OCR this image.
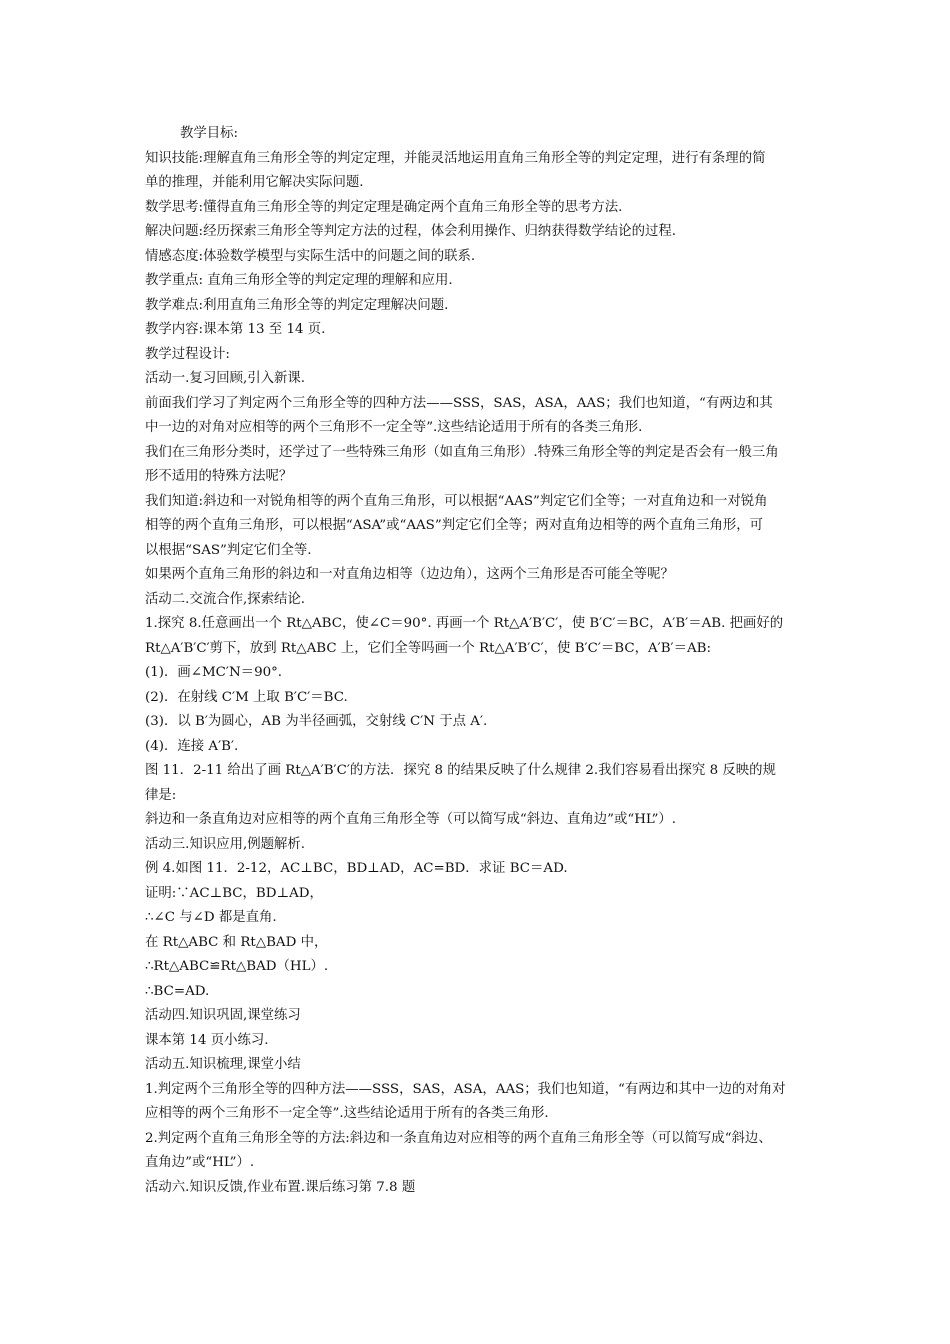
教学目标:
知识技能:理解直角三角形全等的判定定理，并能灵活地运用直角三角形全等的判定定理，进行有条理的简
单的推理，并能利用它解决实际问题.
数学思考:懂得直角三角形全等的判定定理是确定两个直角三角形全等的思考方法.
解决问题:经历探索三角形全等判定方法的过程，体会利用操作、归纳获得数学结论的过程.
情感态度:体验数学模型与实际生活中的问题之间的联系.
教学重点: 直角三角形全等的判定定理的理解和应用.
教学难点:利用直角三角形全等的判定定理解决问题.
教学内容:课本第 13 至 14 页.
教学过程设计:
活动一.复习回顾,引入新课.
前面我们学习了判定两个三角形全等的四种方法——SSS，SAS，ASA，AAS；我们也知道，“有两边和其
中一边的对角对应相等的两个三角形不一定全等”.这些结论适用于所有的各类三角形.
我们在三角形分类时，还学过了一些特殊三角形（如直角三角形）.特殊三角形全等的判定是否会有一般三角
形不适用的特殊方法呢？
我们知道:斜边和一对锐角相等的两个直角三角形，可以根据“AAS”判定它们全等；一对直角边和一对锐角
相等的两个直角三角形，可以根据“ASA”或“AAS”判定它们全等；两对直角边相等的两个直角三角形，可
以根据“SAS”判定它们全等.
如果两个直角三角形的斜边和一对直角边相等（边边角），这两个三角形是否可能全等呢？
活动二.交流合作,探索结论.
1.探究 8.任意画出一个 Rt△ABC，使∠C＝90°. 再画一个 Rt△A′B′C′，使 B′C′＝BC，A′B′＝AB. 把画好的
Rt△A′B′C′剪下，放到 Rt△ABC 上，它们全等吗画一个 Rt△A′B′C′，使 B′C′＝BC，A′B′＝AB:
(1)．画∠MC′N＝90°.
(2)．在射线 C′M 上取 B′C′＝BC.
(3)．以 B′为圆心，AB 为半径画弧，交射线 C′N 于点 A′.
(4)．连接 A′B′.
图 11．2-11 给出了画 Rt△A′B′C′的方法．探究 8 的结果反映了什么规律 2.我们容易看出探究 8 反映的规
律是:
斜边和一条直角边对应相等的两个直角三角形全等（可以简写成“斜边、直角边”或“HL”）.
活动三.知识应用,例题解析.
例 4.如图 11．2-12，AC⊥BC，BD⊥AD，AC=BD．求证 BC＝AD.
证明:∵AC⊥BC，BD⊥AD，
∴∠C 与∠D 都是直角.
在 Rt△ABC 和 Rt△BAD 中，
∴Rt△ABC≌Rt△BAD（HL）.
∴BC=AD.
活动四.知识巩固,课堂练习
课本第 14 页小练习.
活动五.知识梳理,课堂小结
1.判定两个三角形全等的四种方法——SSS，SAS，ASA，AAS；我们也知道，“有两边和其中一边的对角对
应相等的两个三角形不一定全等”.这些结论适用于所有的各类三角形.
2.判定两个直角三角形全等的方法:斜边和一条直角边对应相等的两个直角三角形全等（可以简写成“斜边、
直角边”或“HL”）.
活动六.知识反馈,作业布置.课后练习第 7.8 题
